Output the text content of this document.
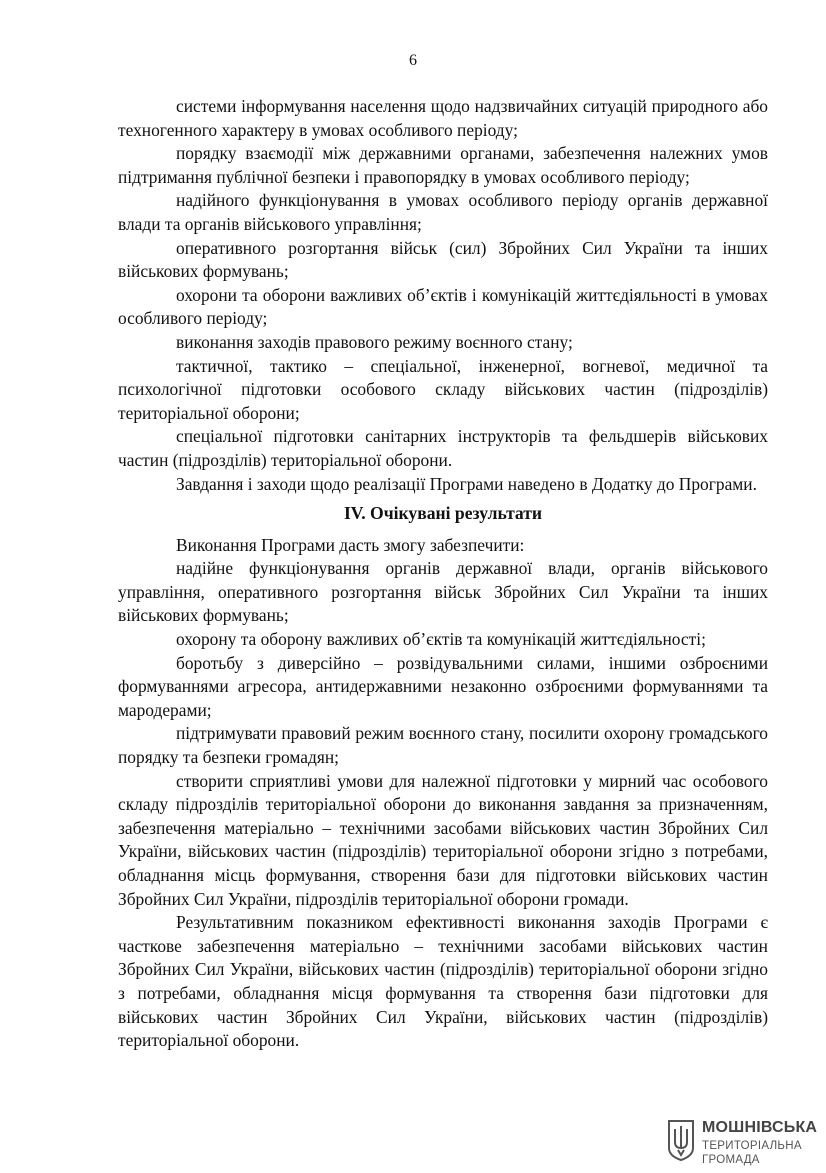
6

системи інформування населення щодо надзвичайних ситуацій природного або техногенного характеру в умовах особливого періоду;

порядку взаємодії між державними органами, забезпечення належних умов підтримання публічної безпеки і правопорядку в умовах особливого періоду;

надійного функціонування в умовах особливого періоду органів державної влади та органів військового управління;

оперативного розгортання військ (сил) Збройних Сил України та інших військових формувань;

охорони та оборони важливих об’єктів і комунікацій життєдіяльності в умовах особливого періоду;

виконання заходів правового режиму воєнного стану;

тактичної, тактико – спеціальної, інженерної, вогневої, медичної та психологічної підготовки особового складу військових частин (підрозділів) територіальної оборони;

спеціальної підготовки санітарних інструкторів та фельдшерів військових частин (підрозділів) територіальної оборони.

Завдання і заходи щодо реалізації Програми наведено в Додатку до Програми.

IV. Очікувані результати

Виконання Програми дасть змогу забезпечити:

надійне функціонування органів державної влади, органів військового управління, оперативного розгортання військ Збройних Сил України та інших військових формувань;

охорону та оборону важливих об’єктів та комунікацій життєдіяльності;

боротьбу з диверсійно – розвідувальними силами, іншими озброєними формуваннями агресора, антидержавними незаконно озброєними формуваннями та мародерами;

підтримувати правовий режим воєнного стану, посилити охорону громадського порядку та безпеки громадян;

створити сприятливі умови для належної підготовки у мирний час особового складу підрозділів територіальної оборони до виконання завдання за призначенням, забезпечення матеріально – технічними засобами військових частин Збройних Сил України, військових частин (підрозділів) територіальної оборони згідно з потребами, обладнання місць формування, створення бази для підготовки військових частин Збройних Сил України, підрозділів територіальної оборони громади.

Результативним показником ефективності виконання заходів Програми є часткове забезпечення матеріально – технічними засобами військових частин Збройних Сил України, військових частин (підрозділів) територіальної оборони згідно з потребами, обладнання місця формування та створення бази підготовки для військових частин Збройних Сил України, військових частин (підрозділів) територіальної оборони.

МОШНІВСЬКА
ТЕРИТОРІАЛЬНА
ГРОМАДА
